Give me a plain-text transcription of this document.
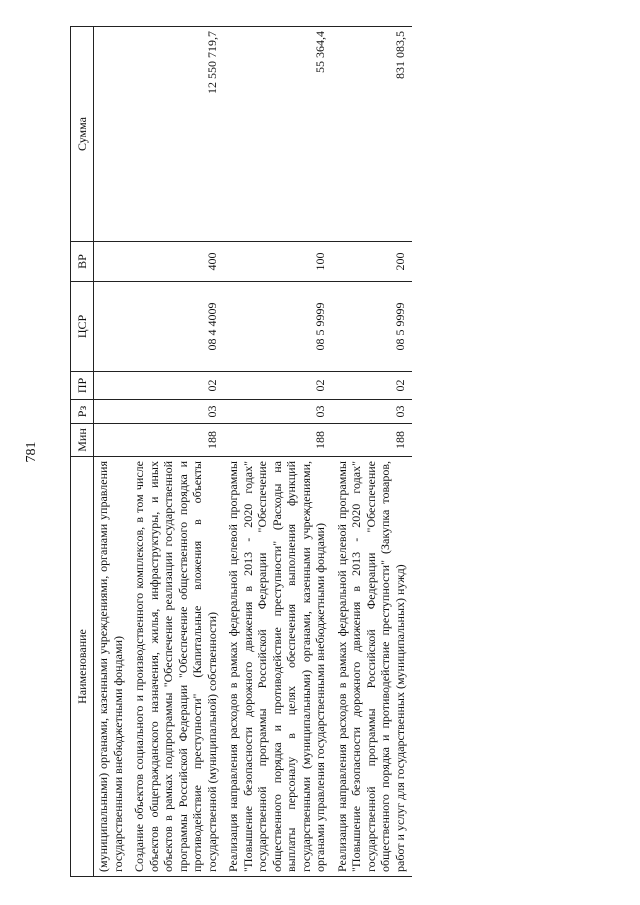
781
Наименование	Мин	Рз	ПР	ЦСР	ВР	Сумма
(муниципальными) органами, казенными учреждениями, органами управления государственными внебюджетными фондами)						
Создание объектов социального и производственного комплексов, в том числе объектов общегражданского назначения, жилья, инфраструктуры, и иных объектов в рамках подпрограммы "Обеспечение реализации государственной программы Российской Федерации "Обеспечение общественного порядка и противодействие преступности" (Капитальные вложения в объекты государственной (муниципальной) собственности)	188	03	02	08 4 4009	400	12 550 719,7
Реализация направления расходов в рамках федеральной целевой программы "Повышение безопасности дорожного движения в 2013 - 2020 годах" государственной программы Российской Федерации "Обеспечение общественного порядка и противодействие преступности" (Расходы на выплаты персоналу в целях обеспечения выполнения функций государственными (муниципальными) органами, казенными учреждениями, органами управления государственными внебюджетными фондами)	188	03	02	08 5 9999	100	55 364,4
Реализация направления расходов в рамках федеральной целевой программы "Повышение безопасности дорожного движения в 2013 - 2020 годах" государственной программы Российской Федерации "Обеспечение общественного порядка и противодействие преступности" (Закупка товаров, работ и услуг для государственных (муниципальных) нужд)	188	03	02	08 5 9999	200	831 083,5
